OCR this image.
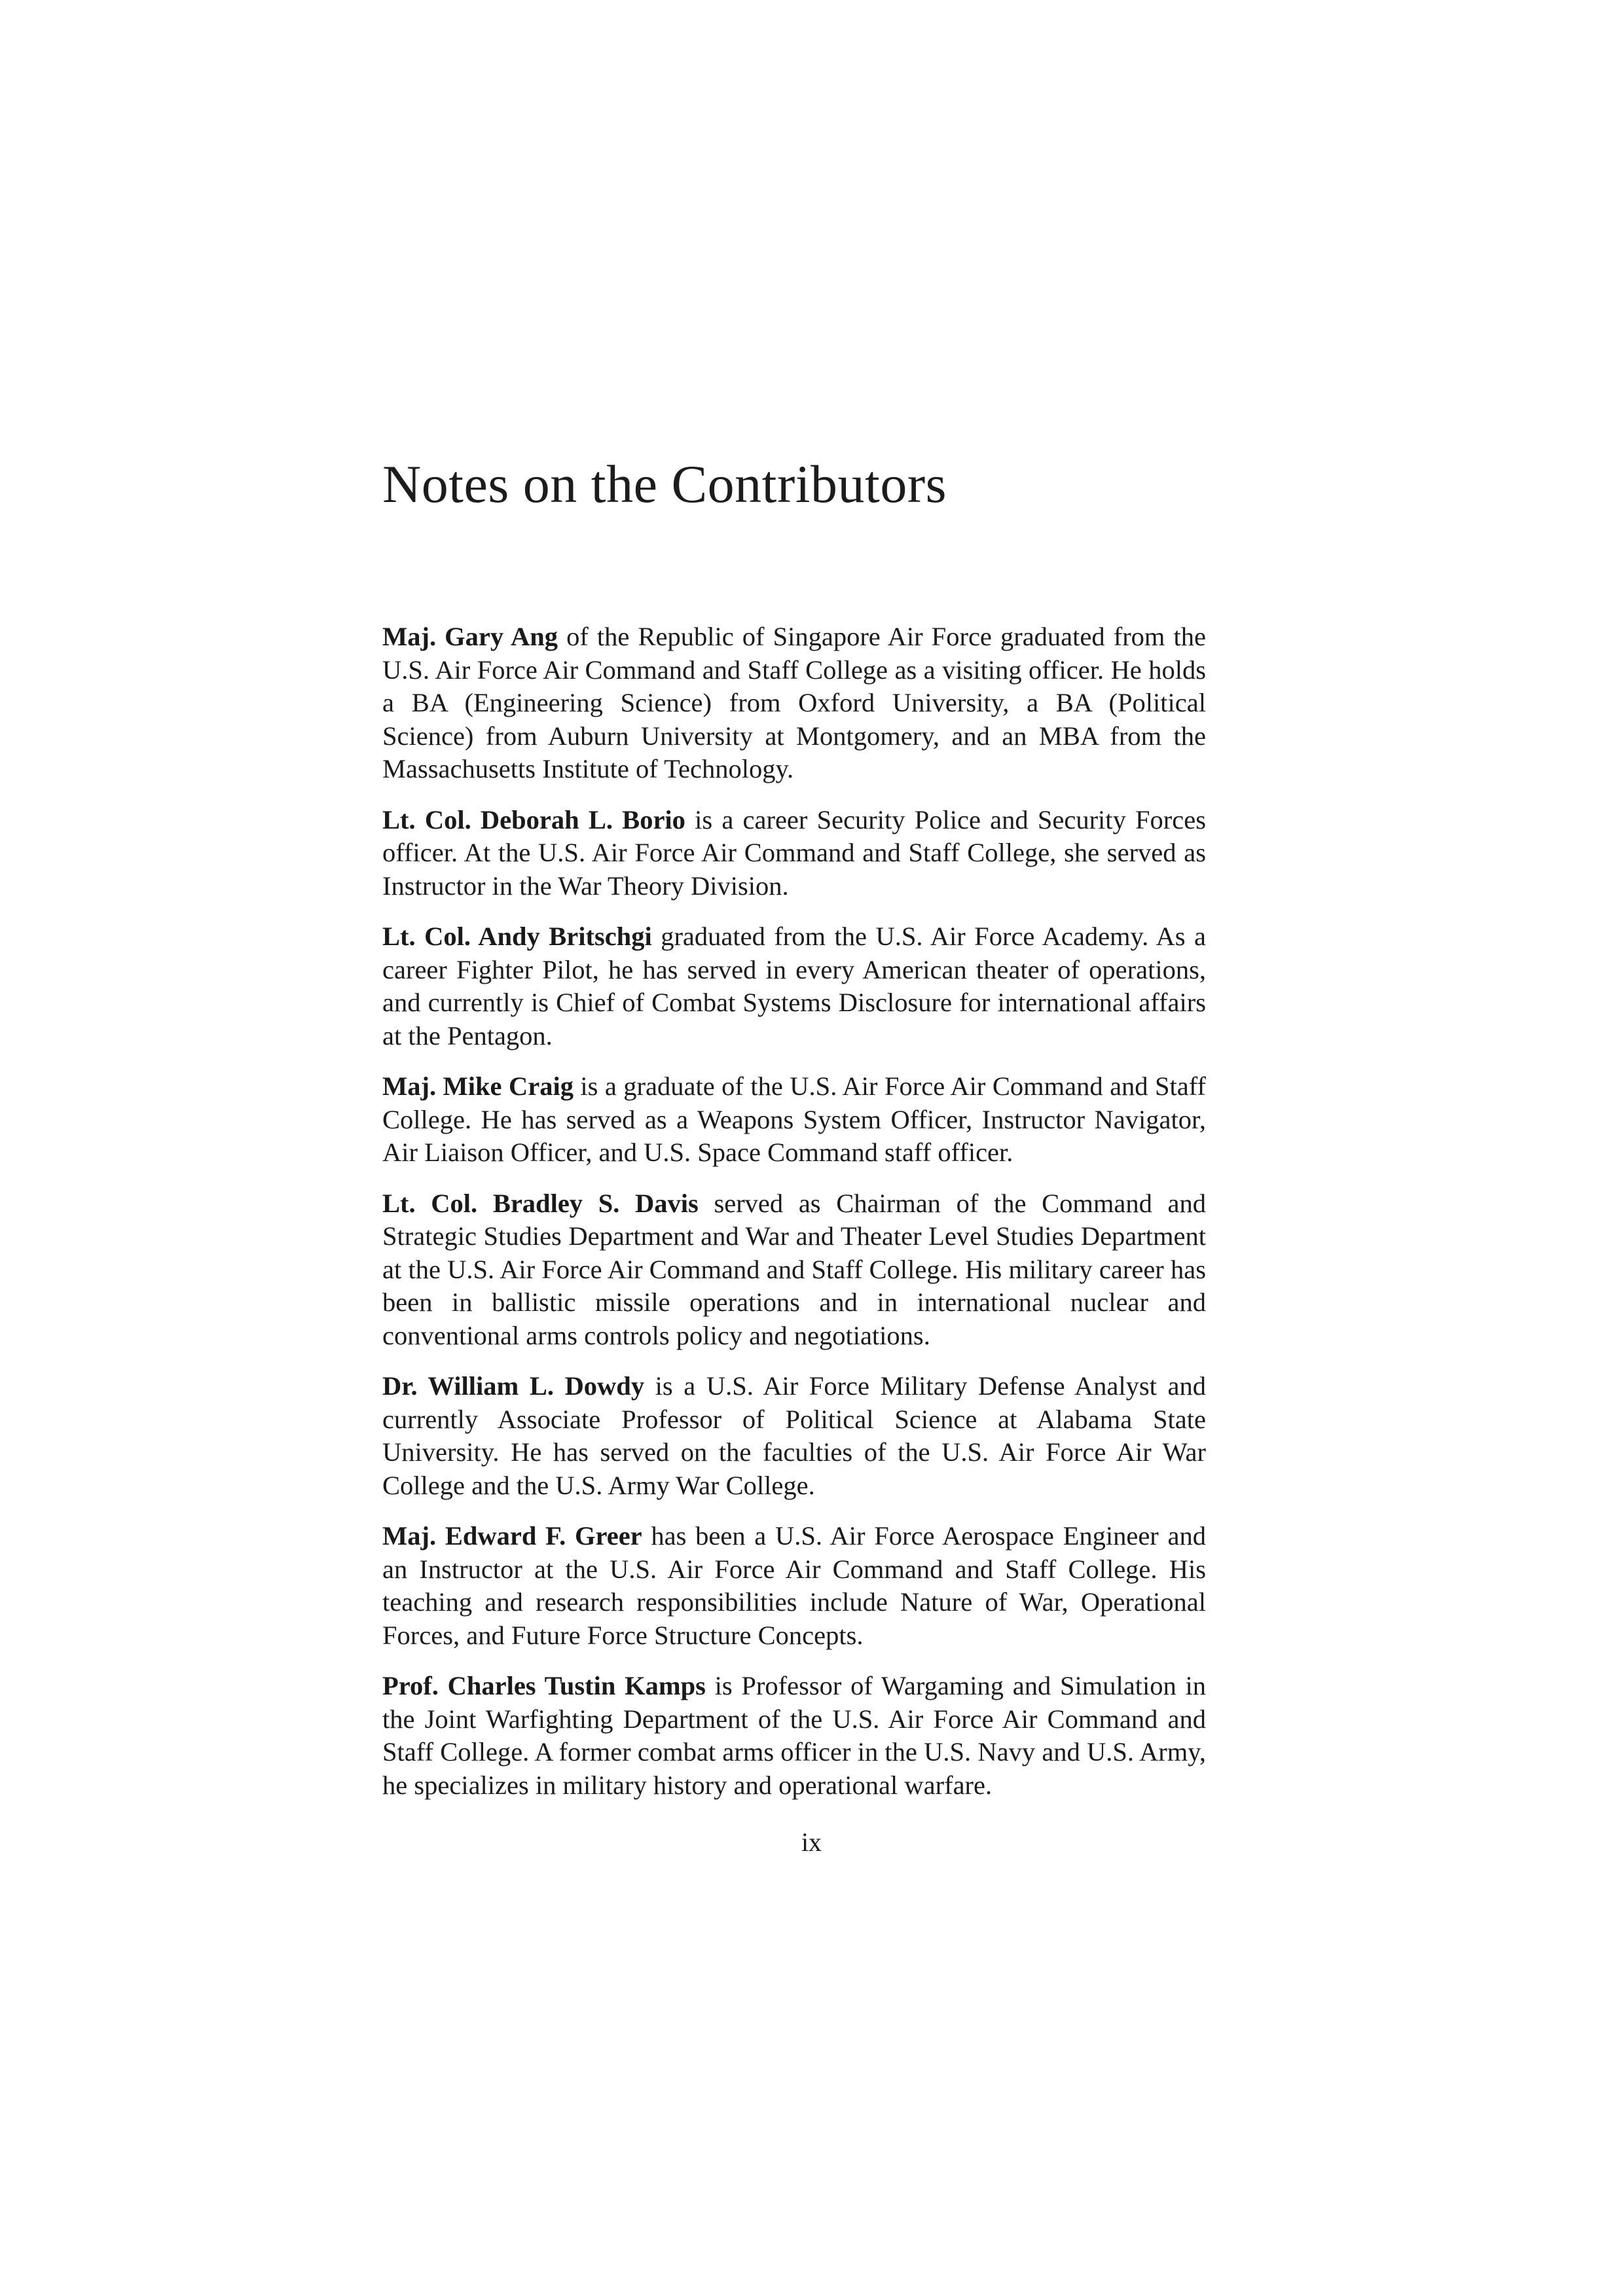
Notes on the Contributors

Maj. Gary Ang of the Republic of Singapore Air Force graduated from the U.S. Air Force Air Command and Staff College as a visiting officer. He holds a BA (Engineering Science) from Oxford University, a BA (Political Science) from Auburn University at Montgomery, and an MBA from the Massachusetts Institute of Technology.

Lt. Col. Deborah L. Borio is a career Security Police and Security Forces officer. At the U.S. Air Force Air Command and Staff College, she served as Instructor in the War Theory Division.

Lt. Col. Andy Britschgi graduated from the U.S. Air Force Academy. As a career Fighter Pilot, he has served in every American theater of operations, and currently is Chief of Combat Systems Disclosure for international affairs at the Pentagon.

Maj. Mike Craig is a graduate of the U.S. Air Force Air Command and Staff College. He has served as a Weapons System Officer, Instructor Navigator, Air Liaison Officer, and U.S. Space Command staff officer.

Lt. Col. Bradley S. Davis served as Chairman of the Command and Strategic Studies Department and War and Theater Level Studies Department at the U.S. Air Force Air Command and Staff College. His military career has been in ballistic missile operations and in international nuclear and conventional arms controls policy and negotiations.

Dr. William L. Dowdy is a U.S. Air Force Military Defense Analyst and currently Associate Professor of Political Science at Alabama State University. He has served on the faculties of the U.S. Air Force Air War College and the U.S. Army War College.

Maj. Edward F. Greer has been a U.S. Air Force Aerospace Engineer and an Instructor at the U.S. Air Force Air Command and Staff College. His teaching and research responsibilities include Nature of War, Operational Forces, and Future Force Structure Concepts.

Prof. Charles Tustin Kamps is Professor of Wargaming and Simulation in the Joint Warfighting Department of the U.S. Air Force Air Command and Staff College. A former combat arms officer in the U.S. Navy and U.S. Army, he specializes in military history and operational warfare.

ix
